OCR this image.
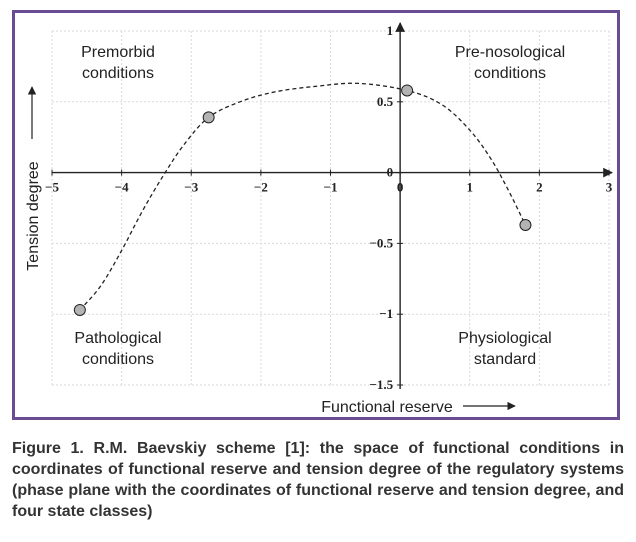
−5	−4	−3	−2	−1	0	1	2	3
1
0.5
0
−0.5
−1
−1.5
Premorbid conditions
Pre-nosological conditions
Pathological conditions
Physiological standard
Functional reserve
Tension degree

Figure 1. R.M. Baevskiy scheme [1]: the space of functional conditions in coordinates of functional reserve and tension degree of the regulatory systems (phase plane with the coordinates of functional reserve and tension degree, and four state classes)
